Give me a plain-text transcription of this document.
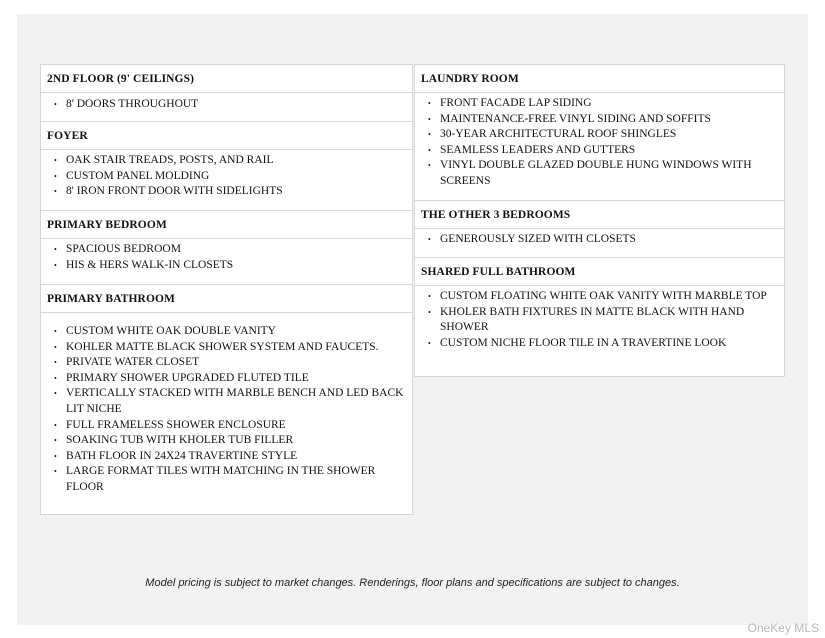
2ND FLOOR (9' CEILINGS)
• 8' DOORS THROUGHOUT
FOYER
• OAK STAIR TREADS, POSTS, AND RAIL
• CUSTOM PANEL MOLDING
• 8' IRON FRONT DOOR WITH SIDELIGHTS
PRIMARY BEDROOM
• SPACIOUS BEDROOM
• HIS & HERS WALK-IN CLOSETS
PRIMARY BATHROOM
• CUSTOM WHITE OAK DOUBLE VANITY
• KOHLER MATTE BLACK SHOWER SYSTEM AND FAUCETS.
• PRIVATE WATER CLOSET
• PRIMARY SHOWER UPGRADED FLUTED TILE
• VERTICALLY STACKED WITH MARBLE BENCH AND LED BACK LIT NICHE
• FULL FRAMELESS SHOWER ENCLOSURE
• SOAKING TUB WITH KHOLER TUB FILLER
• BATH FLOOR IN 24X24 TRAVERTINE STYLE
• LARGE FORMAT TILES WITH MATCHING IN THE SHOWER FLOOR
LAUNDRY ROOM
• FRONT FACADE LAP SIDING
• MAINTENANCE-FREE VINYL SIDING AND SOFFITS
• 30-YEAR ARCHITECTURAL ROOF SHINGLES
• SEAMLESS LEADERS AND GUTTERS
• VINYL DOUBLE GLAZED DOUBLE HUNG WINDOWS WITH SCREENS
THE OTHER 3 BEDROOMS
• GENEROUSLY SIZED WITH CLOSETS
SHARED FULL BATHROOM
• CUSTOM FLOATING WHITE OAK VANITY WITH MARBLE TOP
• KHOLER BATH FIXTURES IN MATTE BLACK WITH HAND SHOWER
• CUSTOM NICHE FLOOR TILE IN A TRAVERTINE LOOK
Model pricing is subject to market changes. Renderings, floor plans and specifications are subject to changes.
OneKey MLS
